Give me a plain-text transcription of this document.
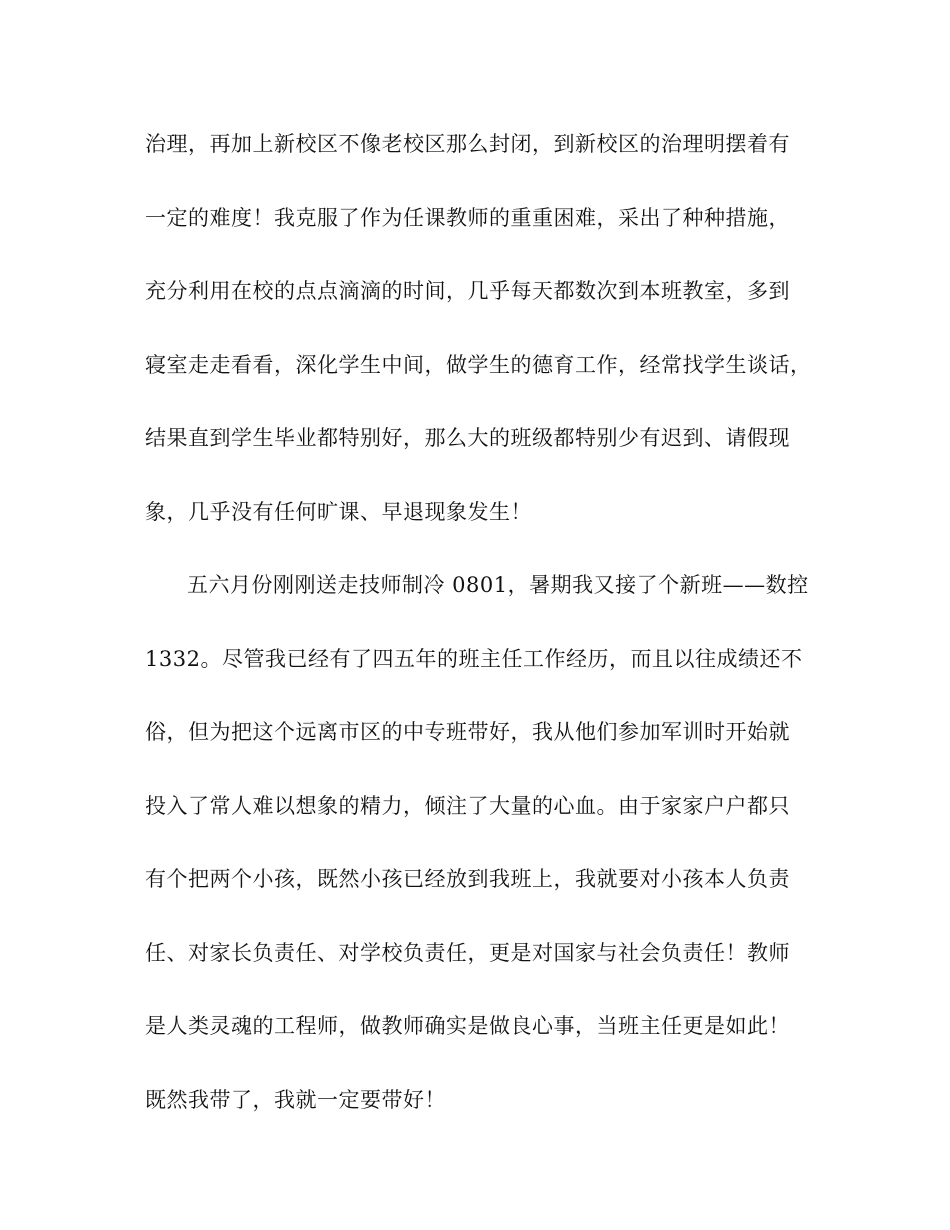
治理，再加上新校区不像老校区那么封闭，到新校区的治理明摆着有
一定的难度！我克服了作为任课教师的重重困难，采出了种种措施，
充分利用在校的点点滴滴的时间，几乎每天都数次到本班教室，多到
寝室走走看看，深化学生中间，做学生的德育工作，经常找学生谈话，
结果直到学生毕业都特别好，那么大的班级都特别少有迟到、请假现
象，几乎没有任何旷课、早退现象发生！
五六月份刚刚送走技师制冷 0801，暑期我又接了个新班——数控
1332。尽管我已经有了四五年的班主任工作经历，而且以往成绩还不
俗，但为把这个远离市区的中专班带好，我从他们参加军训时开始就
投入了常人难以想象的精力，倾注了大量的心血。由于家家户户都只
有个把两个小孩，既然小孩已经放到我班上，我就要对小孩本人负责
任、对家长负责任、对学校负责任，更是对国家与社会负责任！教师
是人类灵魂的工程师，做教师确实是做良心事，当班主任更是如此！
既然我带了，我就一定要带好！
